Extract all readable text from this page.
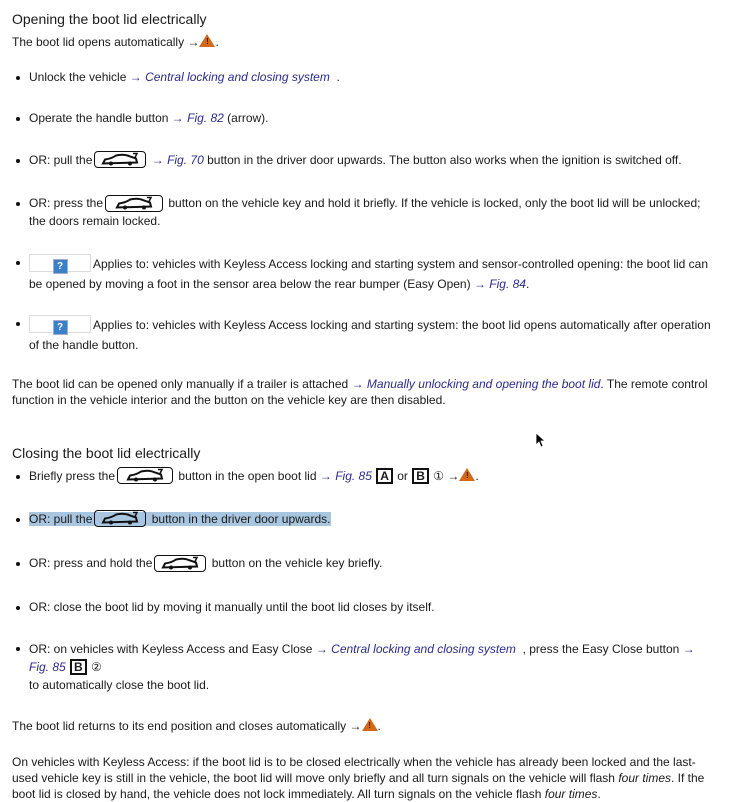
Opening the boot lid electrically
The boot lid opens automatically → ! .
Unlock the vehicle → Central locking and closing system .
Operate the handle button → Fig. 82 (arrow).
OR: pull the	→ Fig. 70 button in the driver door upwards. The button also works when the ignition is switched off.
OR: press the	button on the vehicle key and hold it briefly. If the vehicle is locked, only the boot lid will be unlocked; the doors remain locked.
? Applies to: vehicles with Keyless Access locking and starting system and sensor-controlled opening: the boot lid can be opened by moving a foot in the sensor area below the rear bumper (Easy Open) → Fig. 84.
? Applies to: vehicles with Keyless Access locking and starting system: the boot lid opens automatically after operation of the handle button.
The boot lid can be opened only manually if a trailer is attached → Manually unlocking and opening the boot lid. The remote control function in the vehicle interior and the button on the vehicle key are then disabled.
Closing the boot lid electrically
Briefly press the	button in the open boot lid → Fig. 85 A or B ① → ! .
OR: pull the	button in the driver door upwards.
OR: press and hold the	button on the vehicle key briefly.
OR: close the boot lid by moving it manually until the boot lid closes by itself.
OR: on vehicles with Keyless Access and Easy Close → Central locking and closing system , press the Easy Close button → Fig. 85 B ②
to automatically close the boot lid.
The boot lid returns to its end position and closes automatically → ! .
On vehicles with Keyless Access: if the boot lid is to be closed electrically when the vehicle has already been locked and the last-used vehicle key is still in the vehicle, the boot lid will move only briefly and all turn signals on the vehicle will flash four times. If the boot lid is closed by hand, the vehicle does not lock immediately. All turn signals on the vehicle flash four times.
